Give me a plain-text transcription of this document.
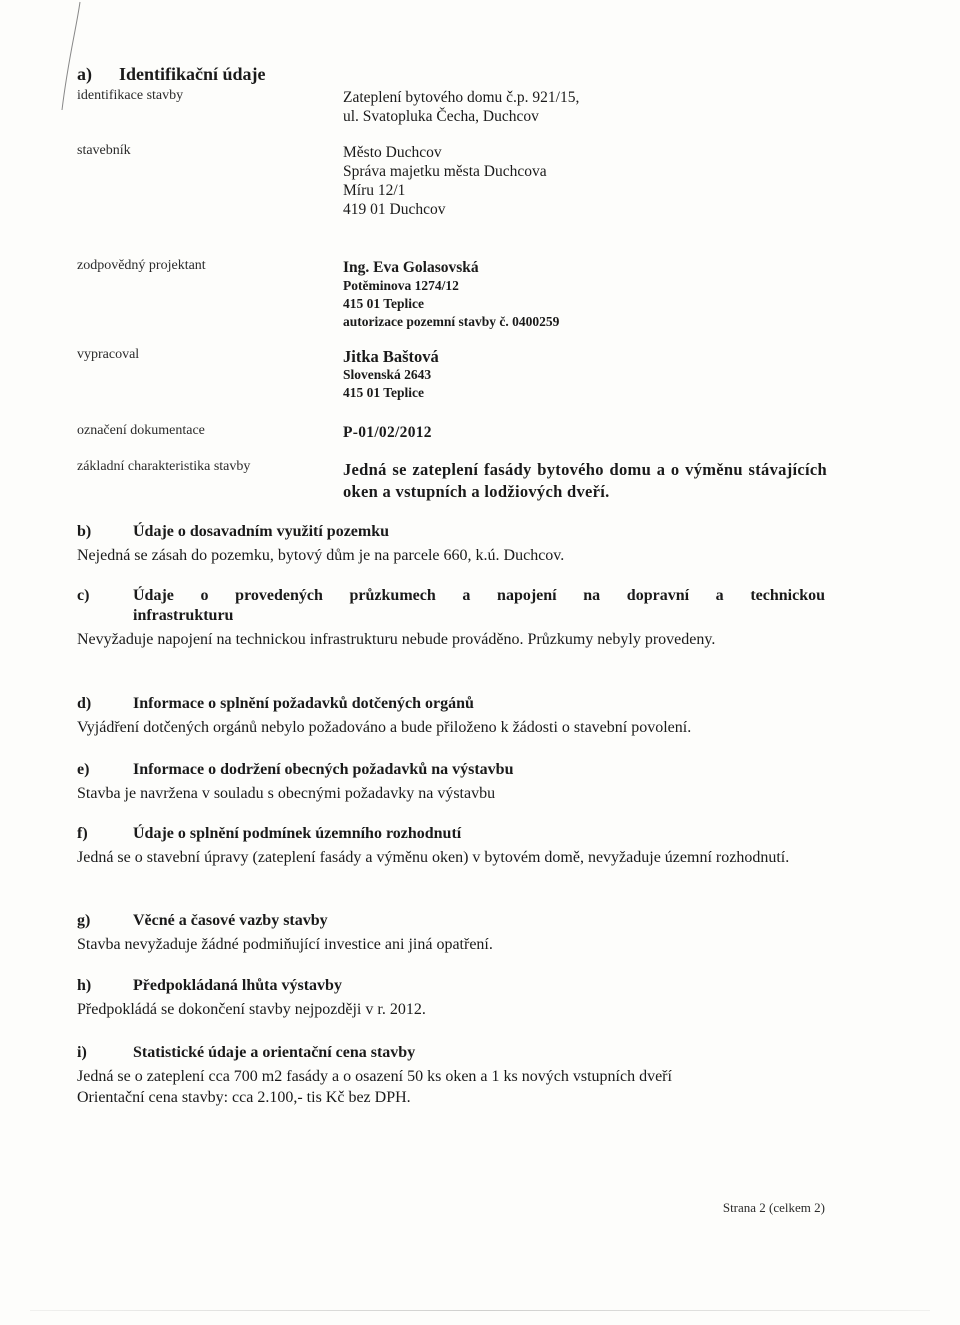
a) Identifikační údaje
identifikace stavby	Zateplení bytového domu č.p. 921/15,
ul. Svatopluka Čecha, Duchcov
stavebník	Město Duchcov
Správa majetku města Duchcova
Míru 12/1
419 01 Duchcov
zodpovědný projektant	Ing. Eva Golasovská
Potěminova 1274/12
415 01 Teplice
autorizace pozemní stavby č. 0400259
vypracoval	Jitka Baštová
Slovenská 2643
415 01 Teplice
označení dokumentace	P-01/02/2012
základní charakteristika stavby	Jedná se zateplení fasády bytového domu a o výměnu stávajících oken a vstupních a lodžiových dveří.
b)	Údaje o dosavadním využití pozemku
Nejedná se zásah do pozemku, bytový dům je na parcele 660, k.ú. Duchcov.
c)	Údaje o provedených průzkumech a napojení na dopravní a technickou
infrastrukturu
Nevyžaduje napojení na technickou infrastrukturu nebude prováděno. Průzkumy nebyly provedeny.
d)	Informace o splnění požadavků dotčených orgánů
Vyjádření dotčených orgánů nebylo požadováno a bude přiloženo k žádosti o stavební povolení.
e)	Informace o dodržení obecných požadavků na výstavbu
Stavba je navržena v souladu s obecnými požadavky na výstavbu
f)	Údaje o splnění podmínek územního rozhodnutí
Jedná se o stavební úpravy (zateplení fasády a výměnu oken) v bytovém domě, nevyžaduje územní rozhodnutí.
g)	Věcné a časové vazby stavby
Stavba nevyžaduje žádné podmiňující investice ani jiná opatření.
h)	Předpokládaná lhůta výstavby
Předpokládá se dokončení stavby nejpozději v r. 2012.
i)	Statistické údaje a orientační cena stavby
Jedná se o zateplení cca 700 m2 fasády a o osazení 50 ks oken a 1 ks nových vstupních dveří
Orientační cena stavby: cca 2.100,- tis Kč bez DPH.
Strana 2 (celkem 2)
